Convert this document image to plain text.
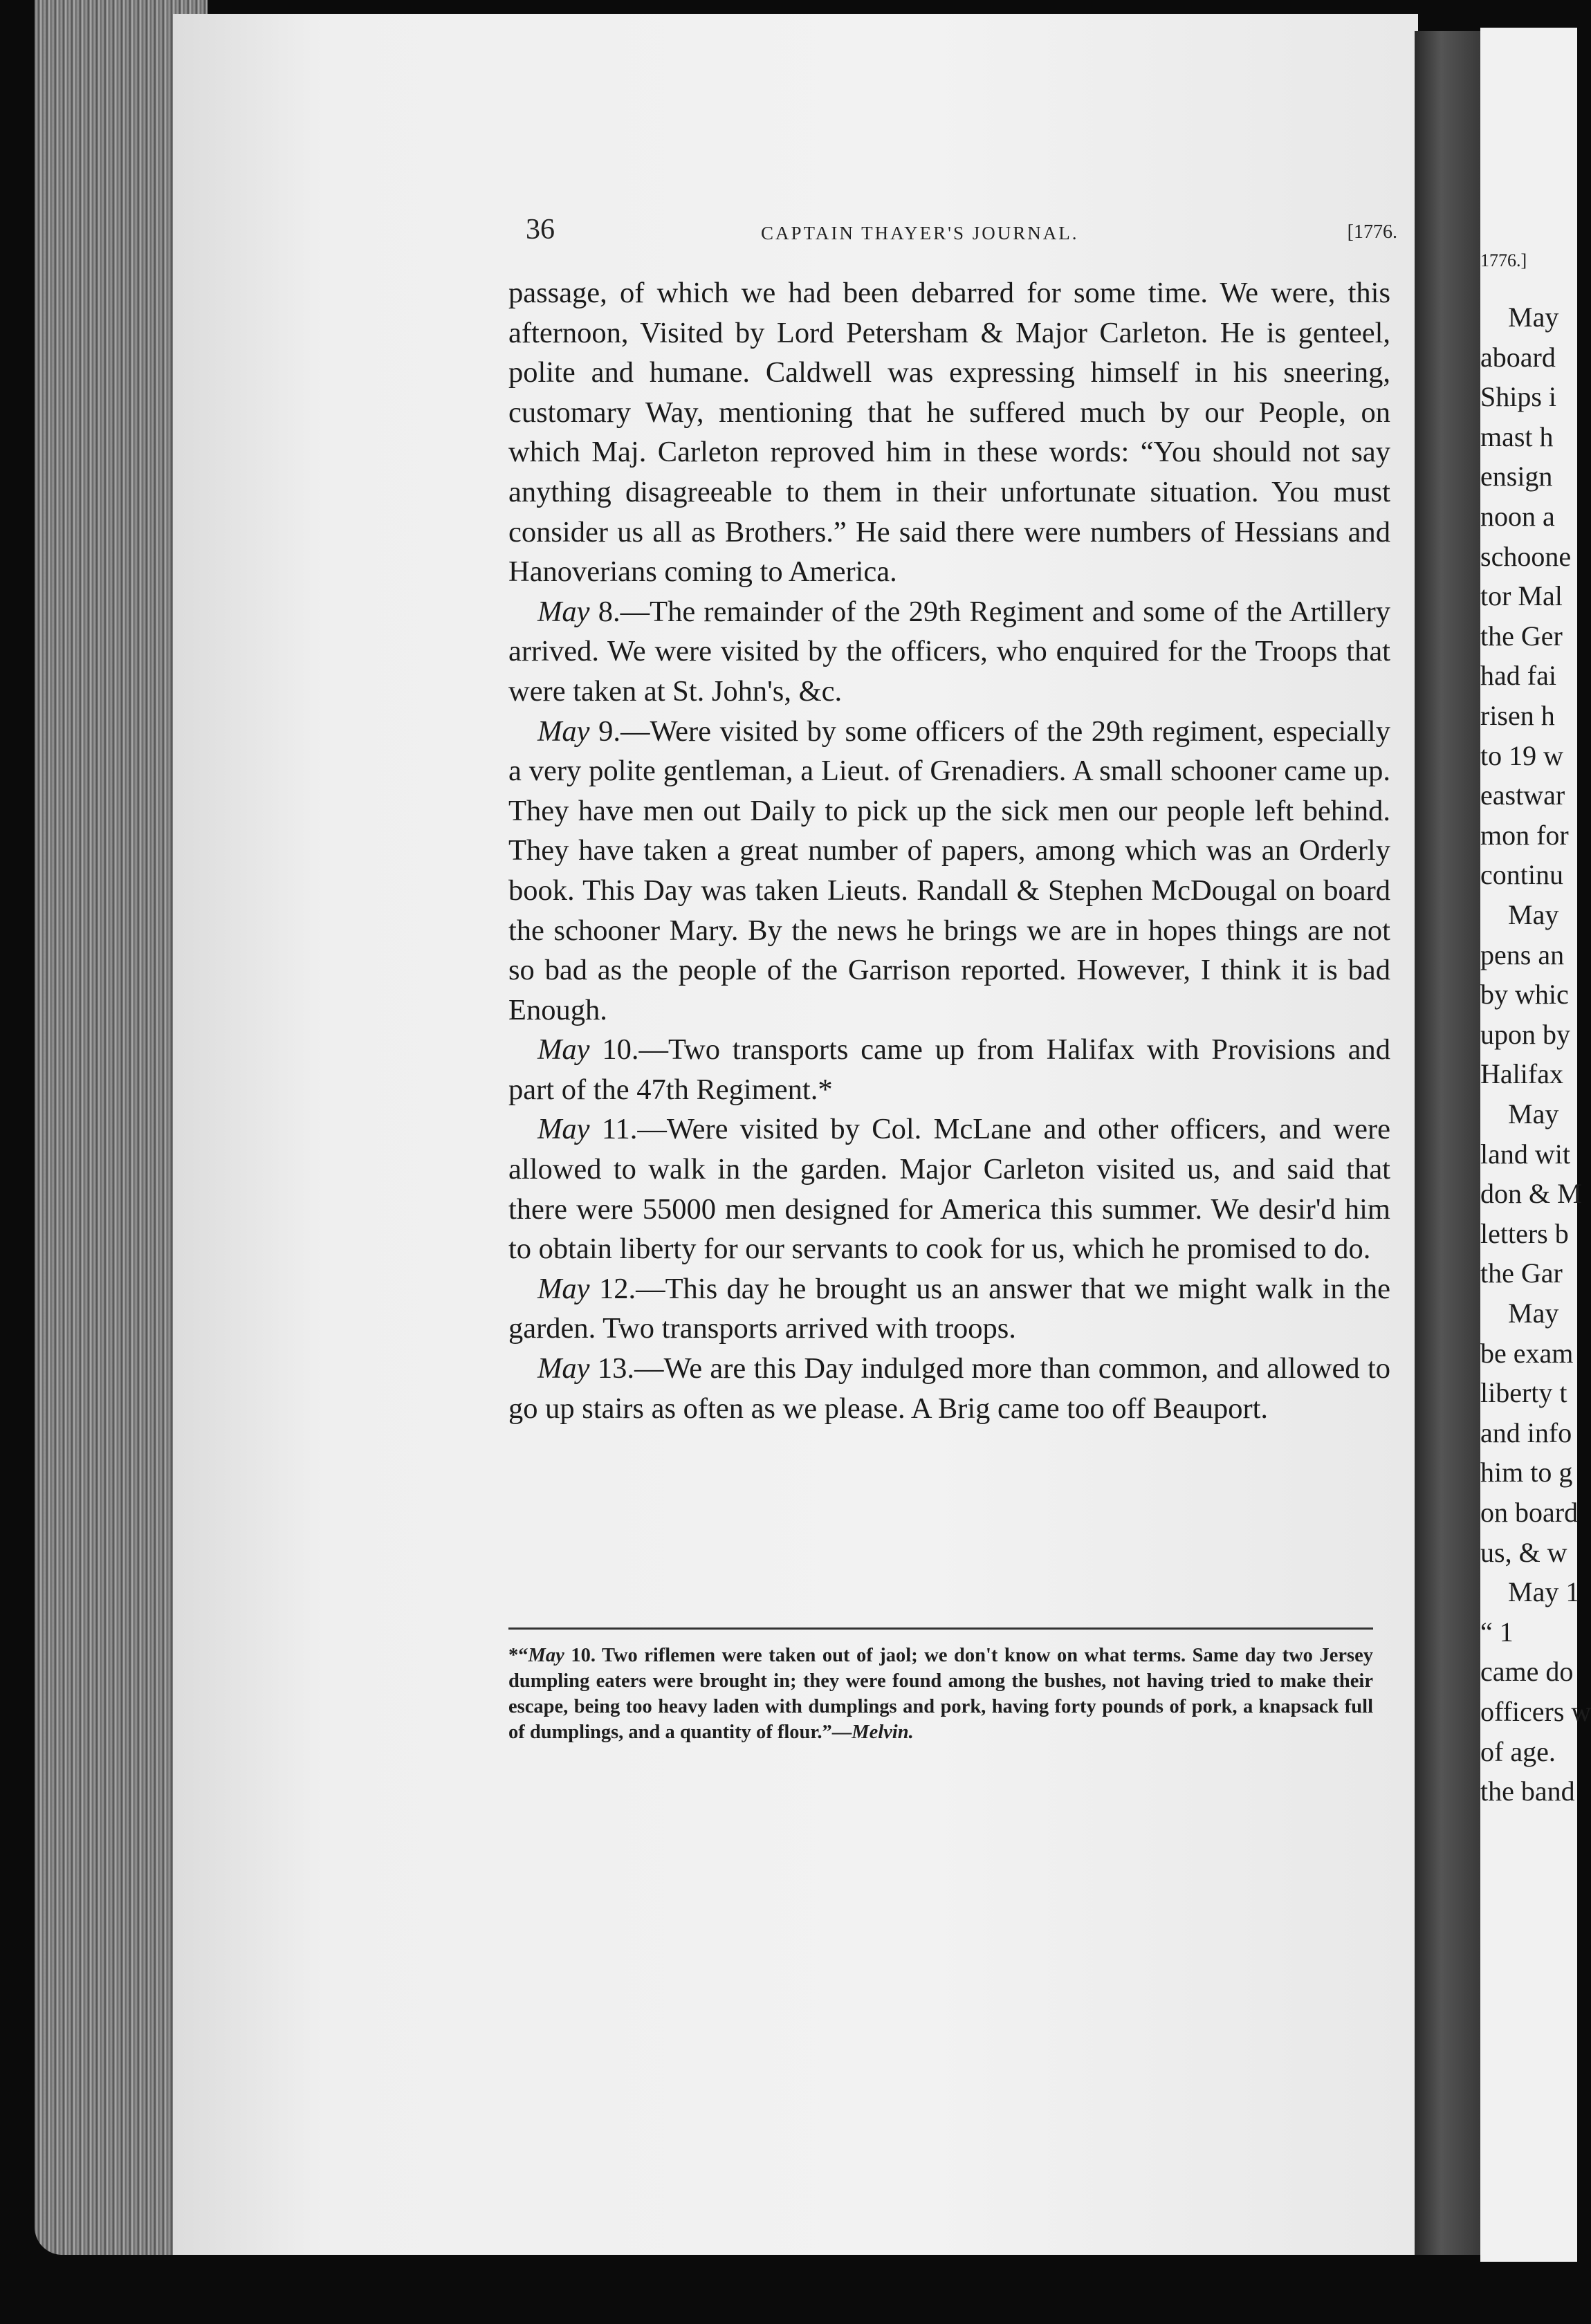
1776.]
May
aboard
Ships i
mast h
ensign
noon a
schoone
tor Mal
the Ger
had fai
risen h
to 19 w
eastwar
mon for
continu
May
pens an
by whic
upon by
Halifax
May
land wit
don & M
letters b
the Gar
May
be exam
liberty t
and info
him to g
on board
us, & w
May 1
“ 1
came do
officers w
of age.
the band
36	CAPTAIN THAYER'S JOURNAL.	[1776.

passage, of which we had been debarred for some time. We were, this afternoon, Visited by Lord Petersham & Major Carleton. He is genteel, polite and humane. Caldwell was expressing himself in his sneering, customary Way, mentioning that he suffered much by our People, on which Maj. Carleton reproved him in these words: “You should not say anything disagreeable to them in their unfortunate situation. You must consider us all as Brothers.” He said there were numbers of Hessians and Hanoverians coming to America.

May 8.—The remainder of the 29th Regiment and some of the Artillery arrived. We were visited by the officers, who enquired for the Troops that were taken at St. John's, &c.

May 9.—Were visited by some officers of the 29th regiment, especially a very polite gentleman, a Lieut. of Grenadiers. A small schooner came up. They have men out Daily to pick up the sick men our people left behind. They have taken a great number of papers, among which was an Orderly book. This Day was taken Lieuts. Randall & Stephen McDougal on board the schooner Mary. By the news he brings we are in hopes things are not so bad as the people of the Garrison reported. However, I think it is bad Enough.

May 10.—Two transports came up from Halifax with Provisions and part of the 47th Regiment.*

May 11.—Were visited by Col. McLane and other officers, and were allowed to walk in the garden. Major Carleton visited us, and said that there were 55000 men designed for America this summer. We desir'd him to obtain liberty for our servants to cook for us, which he promised to do.

May 12.—This day he brought us an answer that we might walk in the garden. Two transports arrived with troops.

May 13.—We are this Day indulged more than common, and allowed to go up stairs as often as we please. A Brig came too off Beauport.

*“May 10. Two riflemen were taken out of jaol; we don't know on what terms. Same day two Jersey dumpling eaters were brought in; they were found among the bushes, not having tried to make their escape, being too heavy laden with dumplings and pork, having forty pounds of pork, a knapsack full of dumplings, and a quantity of flour.”—Melvin.
